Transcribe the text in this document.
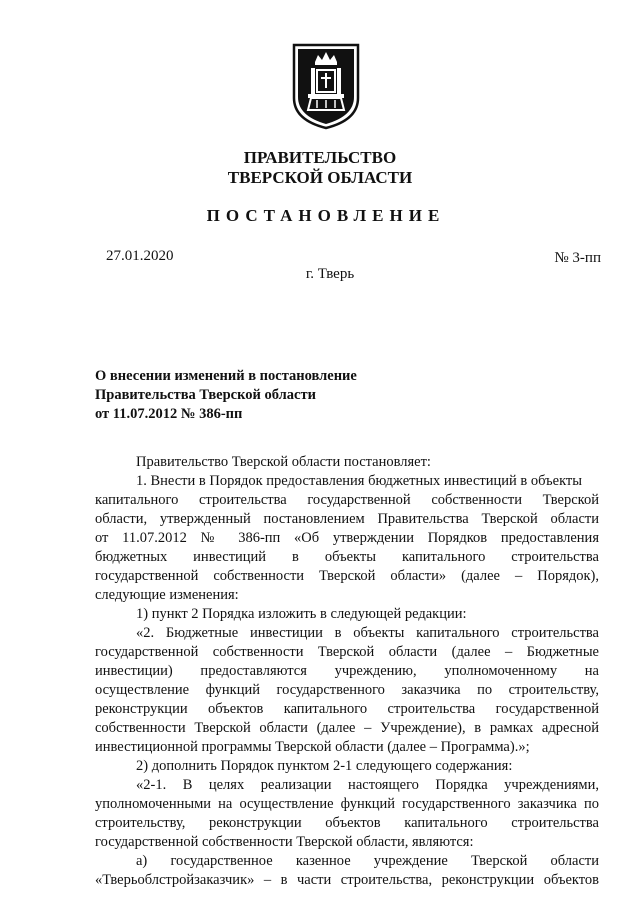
ПРАВИТЕЛЬСТВО
ТВЕРСКОЙ ОБЛАСТИ
ПОСТАНОВЛЕНИЕ
27.01.2020	№ 3-пп
г. Тверь
О внесении изменений в постановление
Правительства Тверской области
от 11.07.2012 № 386-пп
Правительство Тверской области постановляет:
1. Внести в Порядок предоставления бюджетных инвестиций в объекты
капитального строительства государственной собственности Тверской
области, утвержденный постановлением Правительства Тверской области
от 11.07.2012 № 386-пп «Об утверждении Порядков предоставления
бюджетных инвестиций в объекты капитального строительства
государственной собственности Тверской области» (далее – Порядок),
следующие изменения:
1) пункт 2 Порядка изложить в следующей редакции:
«2. Бюджетные инвестиции в объекты капитального строительства
государственной собственности Тверской области (далее – Бюджетные
инвестиции) предоставляются учреждению, уполномоченному на
осуществление функций государственного заказчика по строительству,
реконструкции объектов капитального строительства государственной
собственности Тверской области (далее – Учреждение), в рамках адресной
инвестиционной программы Тверской области (далее – Программа).»;
2) дополнить Порядок пунктом 2-1 следующего содержания:
«2-1. В целях реализации настоящего Порядка учреждениями,
уполномоченными на осуществление функций государственного заказчика по
строительству, реконструкции объектов капитального строительства
государственной собственности Тверской области, являются:
а) государственное казенное учреждение Тверской области
«Тверьоблстройзаказчик» – в части строительства, реконструкции объектов
